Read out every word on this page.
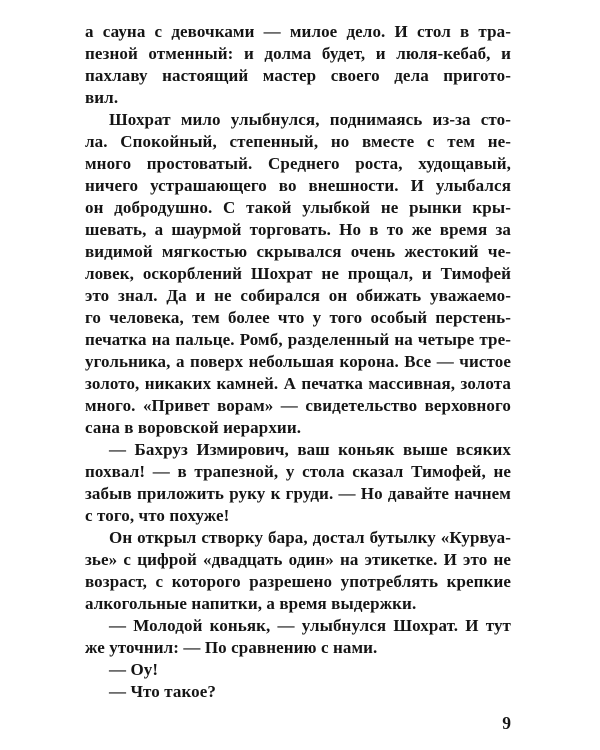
а сауна с девочками — милое дело. И стол в тра-
пезной отменный: и долма будет, и люля-кебаб, и
пахлаву настоящий мастер своего дела пригото-
вил.
Шохрат мило улыбнулся, поднимаясь из-за сто-
ла. Спокойный, степенный, но вместе с тем не-
много простоватый. Среднего роста, худощавый,
ничего устрашающего во внешности. И улыбался
он добродушно. С такой улыбкой не рынки кры-
шевать, а шаурмой торговать. Но в то же время за
видимой мягкостью скрывался очень жестокий че-
ловек, оскорблений Шохрат не прощал, и Тимофей
это знал. Да и не собирался он обижать уважаемо-
го человека, тем более что у того особый перстень-
печатка на пальце. Ромб, разделенный на четыре тре-
угольника, а поверх небольшая корона. Все — чистое
золото, никаких камней. А печатка массивная, золота
много. «Привет ворам» — свидетельство верховного
сана в воровской иерархии.
— Бахруз Измирович, ваш коньяк выше всяких
похвал! — в трапезной, у стола сказал Тимофей, не
забыв приложить руку к груди. — Но давайте начнем
с того, что похуже!
Он открыл створку бара, достал бутылку «Курвуа-
зье» с цифрой «двадцать один» на этикетке. И это не
возраст, с которого разрешено употреблять крепкие
алкогольные напитки, а время выдержки.
— Молодой коньяк, — улыбнулся Шохрат. И тут
же уточнил: — По сравнению с нами.
— Оу!
— Что такое?
9
